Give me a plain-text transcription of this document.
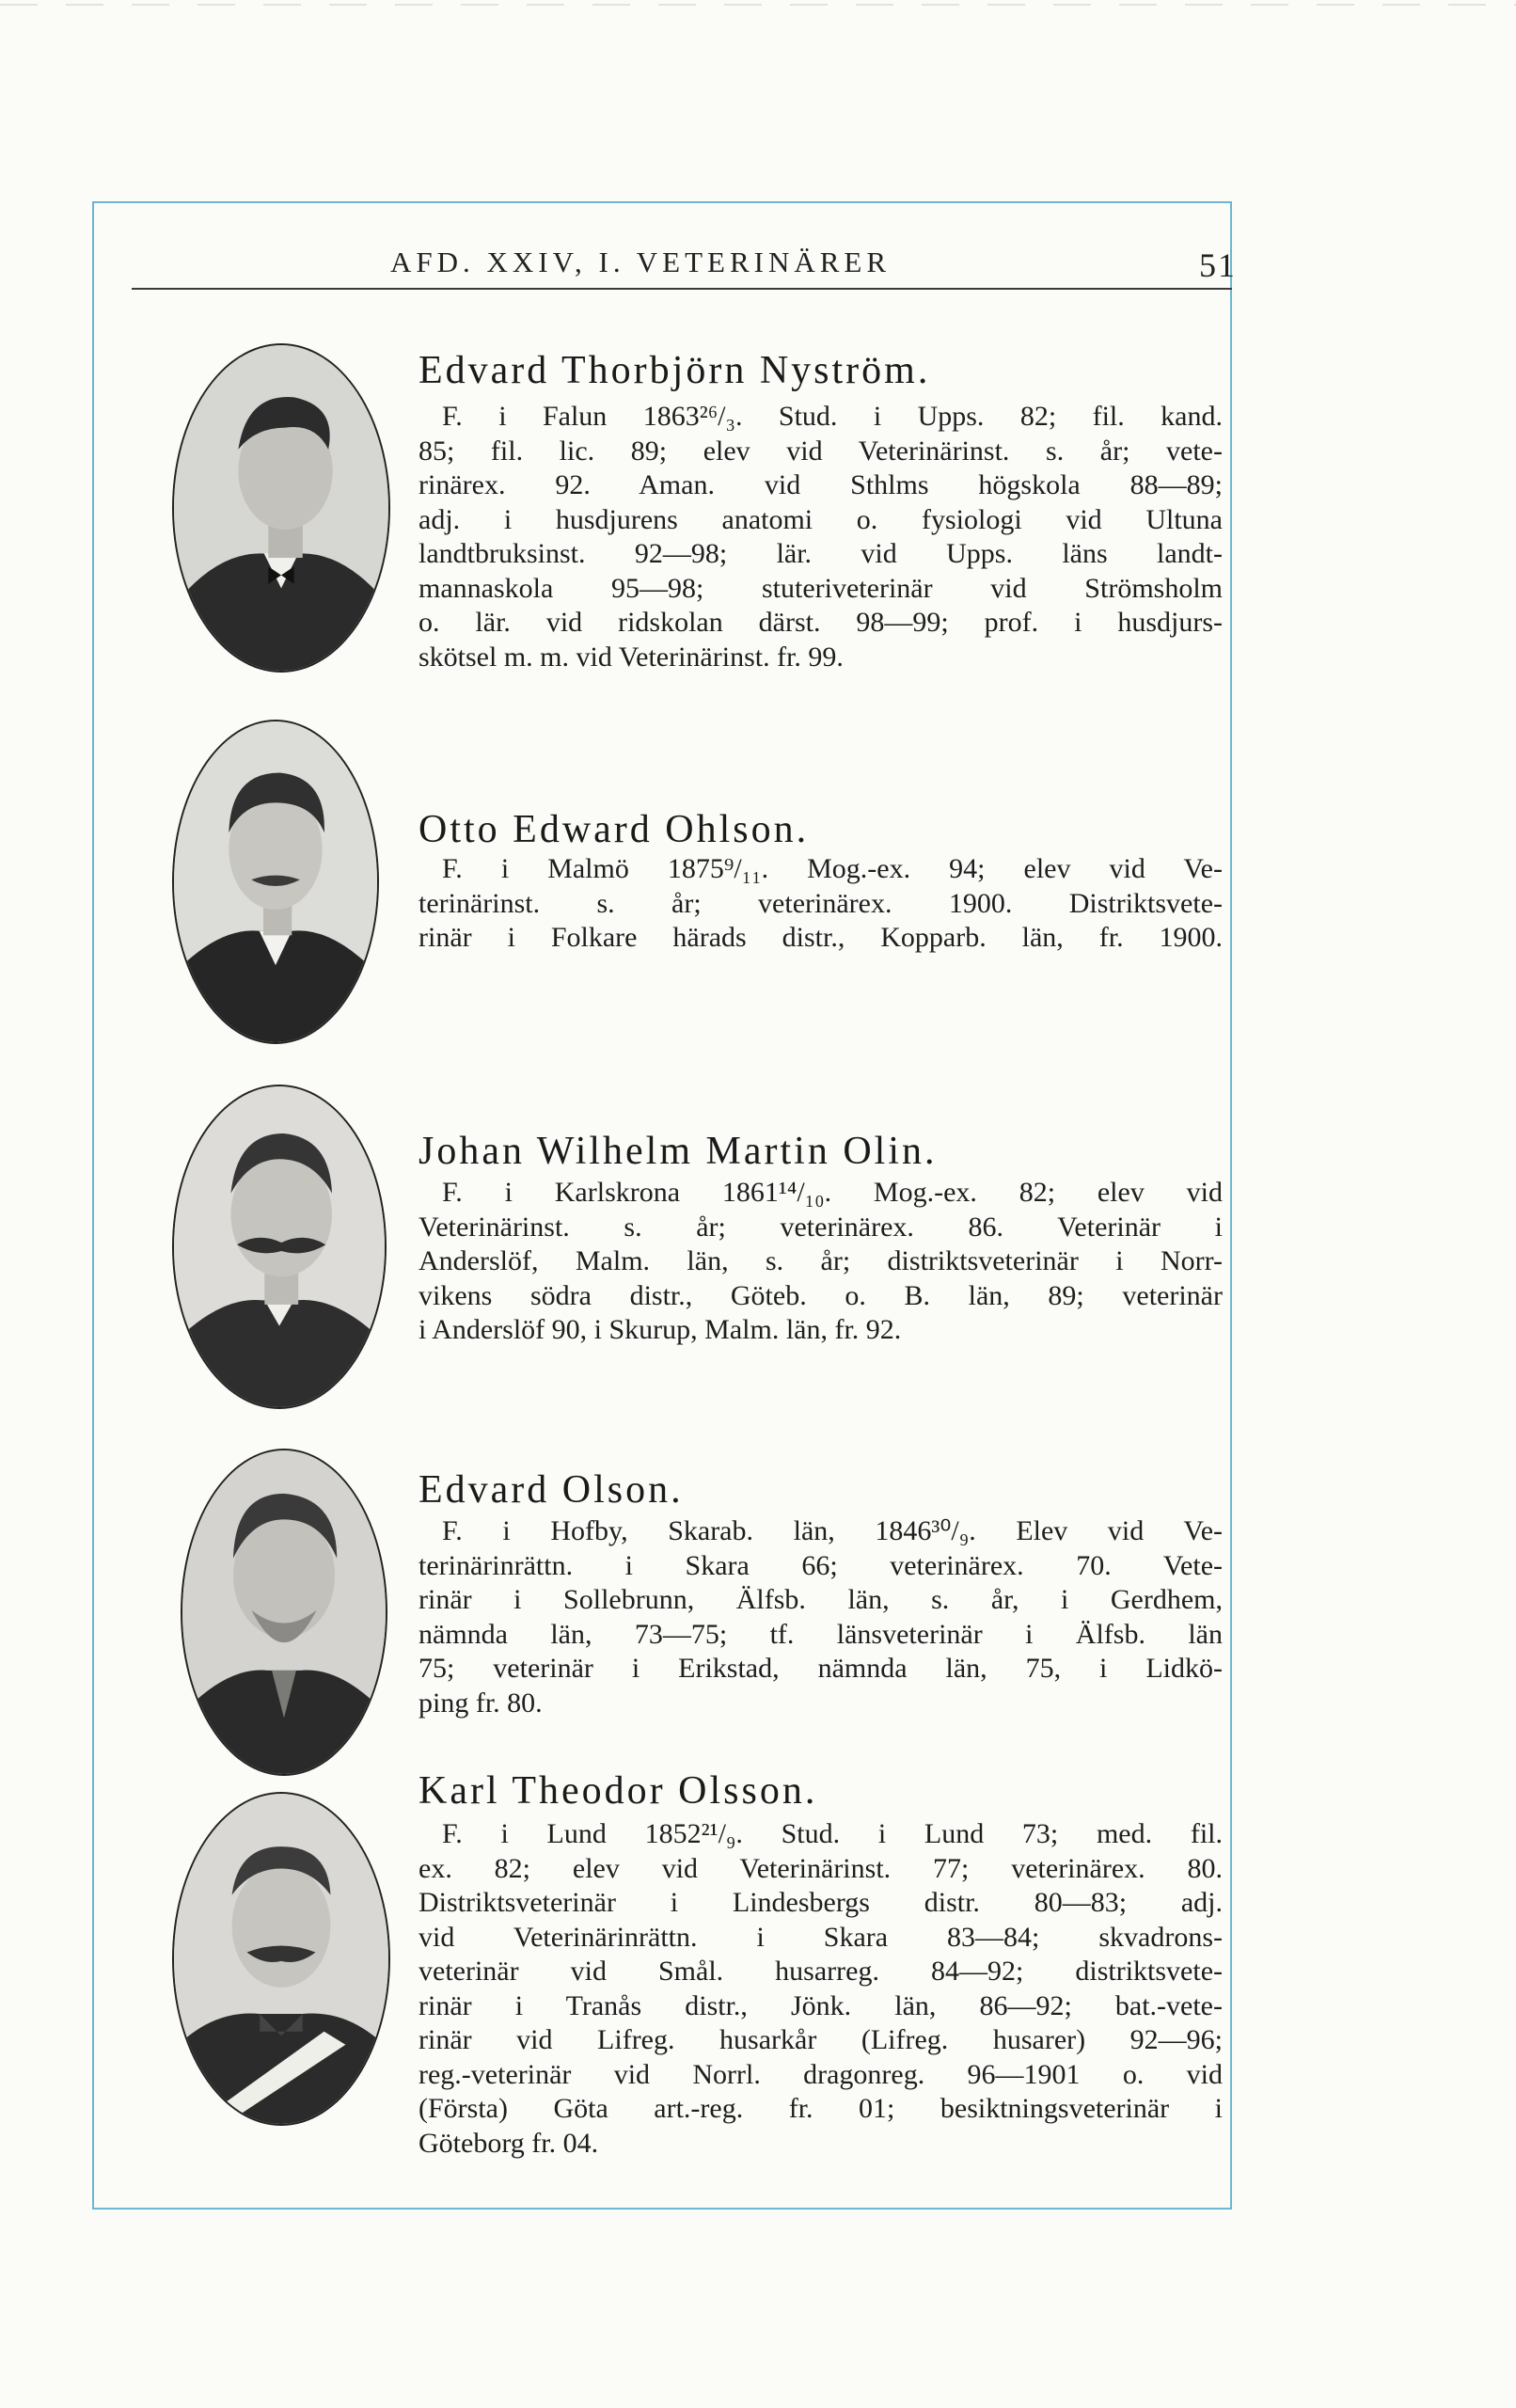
AFD. XXIV, I. VETERINÄRER	51
Edvard Thorbjörn Nyström.
F. i Falun 1863²⁶/₃. Stud. i Upps. 82; fil. kand.
85; fil. lic. 89; elev vid Veterinärinst. s. år; vete-
rinärex. 92. Aman. vid Sthlms högskola 88—89;
adj. i husdjurens anatomi o. fysiologi vid Ultuna
landtbruksinst. 92—98; lär. vid Upps. läns landt-
mannaskola 95—98; stuteriveterinär vid Strömsholm
o. lär. vid ridskolan därst. 98—99; prof. i husdjurs-
skötsel m. m. vid Veterinärinst. fr. 99.
Otto Edward Ohlson.
F. i Malmö 1875⁹/₁₁. Mog.-ex. 94; elev vid Ve-
terinärinst. s. år; veterinärex. 1900. Distriktsvete-
rinär i Folkare härads distr., Kopparb. län, fr. 1900.
Johan Wilhelm Martin Olin.
F. i Karlskrona 1861¹⁴/₁₀. Mog.-ex. 82; elev vid
Veterinärinst. s. år; veterinärex. 86. Veterinär i
Anderslöf, Malm. län, s. år; distriktsveterinär i Norr-
vikens södra distr., Göteb. o. B. län, 89; veterinär
i Anderslöf 90, i Skurup, Malm. län, fr. 92.
Edvard Olson.
F. i Hofby, Skarab. län, 1846³⁰/₉. Elev vid Ve-
terinärinrättn. i Skara 66; veterinärex. 70. Vete-
rinär i Sollebrunn, Älfsb. län, s. år, i Gerdhem,
nämnda län, 73—75; tf. länsveterinär i Älfsb. län
75; veterinär i Erikstad, nämnda län, 75, i Lidkö-
ping fr. 80.
Karl Theodor Olsson.
F. i Lund 1852²¹/₉. Stud. i Lund 73; med. fil.
ex. 82; elev vid Veterinärinst. 77; veterinärex. 80.
Distriktsveterinär i Lindesbergs distr. 80—83; adj.
vid Veterinärinrättn. i Skara 83—84; skvadrons-
veterinär vid Smål. husarreg. 84—92; distriktsvete-
rinär i Tranås distr., Jönk. län, 86—92; bat.-vete-
rinär vid Lifreg. husarkår (Lifreg. husarer) 92—96;
reg.-veterinär vid Norrl. dragonreg. 96—1901 o. vid
(Första) Göta art.-reg. fr. 01; besiktningsveterinär i
Göteborg fr. 04.
